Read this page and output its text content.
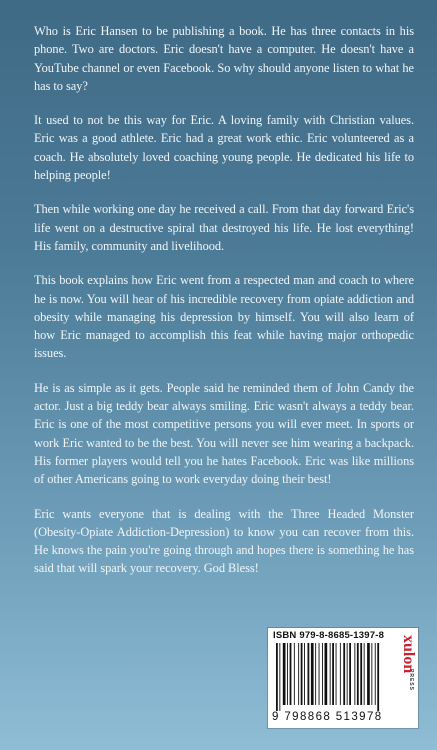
Who is Eric Hansen to be publishing a book. He has three contacts in his phone. Two are doctors. Eric doesn't have a computer. He doesn't have a YouTube channel or even Facebook. So why should anyone listen to what he has to say?

It used to not be this way for Eric. A loving family with Christian values. Eric was a good athlete. Eric had a great work ethic. Eric volunteered as a coach. He absolutely loved coaching young people. He dedicated his life to helping people!

Then while working one day he received a call. From that day forward Eric's life went on a destructive spiral that destroyed his life. He lost everything! His family, community and livelihood.

This book explains how Eric went from a respected man and coach to where he is now. You will hear of his incredible recovery from opiate addiction and obesity while managing his depression by himself. You will also learn of how Eric managed to accomplish this feat while having major orthopedic issues.

He is as simple as it gets. People said he reminded them of John Candy the actor. Just a big teddy bear always smiling. Eric wasn't always a teddy bear. Eric is one of the most competitive persons you will ever meet. In sports or work Eric wanted to be the best. You will never see him wearing a backpack. His former players would tell you he hates Facebook. Eric was like millions of other Americans going to work everyday doing their best!

Eric wants everyone that is dealing with the Three Headed Monster (Obesity-Opiate Addiction-Depression) to know you can recover from this. He knows the pain you're going through and hopes there is something he has said that will spark your recovery. God Bless!

ISBN 979-8-8685-1397-8
9 798868 513978
xulon
PRESS
